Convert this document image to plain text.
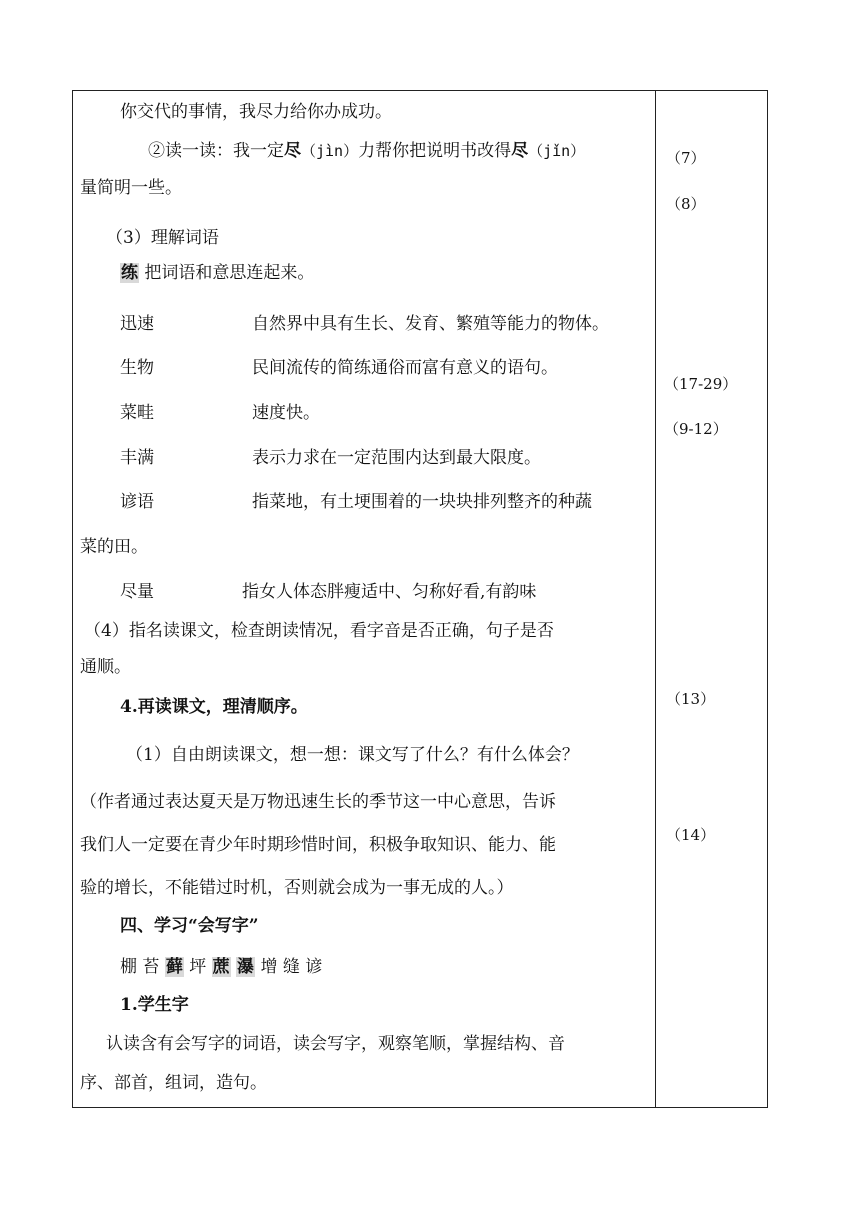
你交代的事情，我尽力给你办成功。
②读一读：我一定尽（jìn）力帮你把说明书改得尽（jǐn）
量简明一些。
（3）理解词语
练 把词语和意思连起来。
迅速	自然界中具有生长、发育、繁殖等能力的物体。
生物	民间流传的简练通俗而富有意义的语句。
菜畦	速度快。
丰满	表示力求在一定范围内达到最大限度。
谚语	指菜地，有土埂围着的一块块排列整齐的种蔬
菜的田。
尽量	指女人体态胖瘦适中、匀称好看,有韵味
（4）指名读课文，检查朗读情况，看字音是否正确，句子是否
通顺。
4.再读课文，理清顺序。
（1）自由朗读课文，想一想：课文写了什么？有什么体会？
（作者通过表达夏天是万物迅速生长的季节这一中心意思，告诉
我们人一定要在青少年时期珍惜时间，积极争取知识、能力、能
验的增长，不能错过时机，否则就会成为一事无成的人。）
四、学习“会写字”
棚 苔 藓 坪 蔗 瀑 增 缝 谚
1.学生字
认读含有会写字的词语，读会写字，观察笔顺，掌握结构、音
序、部首，组词，造句。
（7）
（8）
（17-29）
（9-12）
（13）
（14）
